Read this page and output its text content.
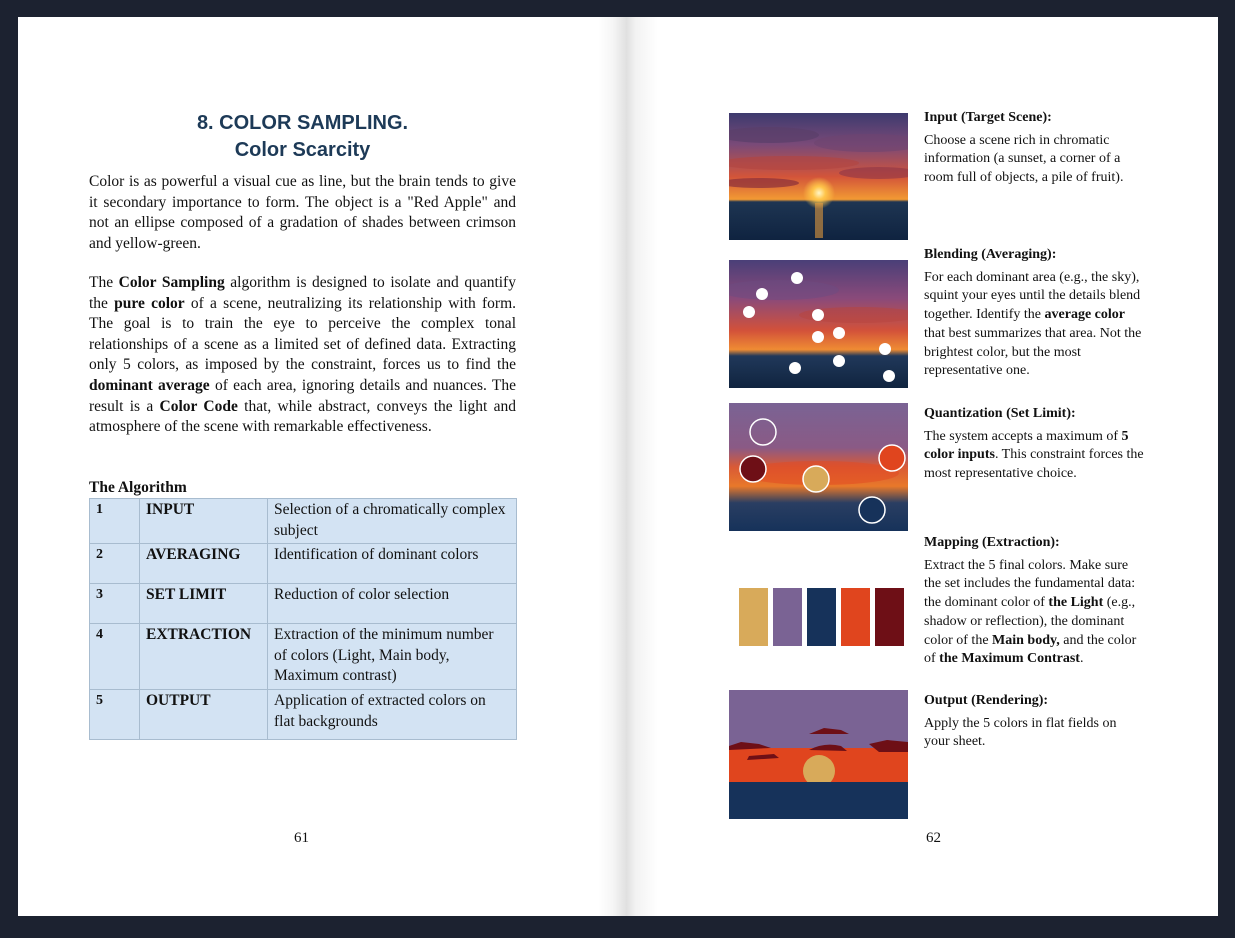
8. COLOR SAMPLING.
Color Scarcity

Color is as powerful a visual cue as line, but the brain tends to give it secondary importance to form. The object is a "Red Apple" and not an ellipse composed of a gradation of shades between crimson and yellow-green.

The Color Sampling algorithm is designed to isolate and quantify the pure color of a scene, neutralizing its relationship with form. The goal is to train the eye to perceive the complex tonal relationships of a scene as a limited set of defined data. Extracting only 5 colors, as imposed by the constraint, forces us to find the dominant average of each area, ignoring details and nuances. The result is a Color Code that, while abstract, conveys the light and atmosphere of the scene with remarkable effectiveness.

The Algorithm
1	INPUT	Selection of a chromatically complex subject
2	AVERAGING	Identification of dominant colors
3	SET LIMIT	Reduction of color selection
4	EXTRACTION	Extraction of the minimum number of colors (Light, Main body, Maximum contrast)
5	OUTPUT	Application of extracted colors on flat backgrounds
61
Input (Target Scene):

Choose a scene rich in chromatic information (a sunset, a corner of a room full of objects, a pile of fruit).

Blending (Averaging):

For each dominant area (e.g., the sky), squint your eyes until the details blend together. Identify the average color that best summarizes that area. Not the brightest color, but the most representative one.

Quantization (Set Limit):

The system accepts a maximum of 5 color inputs. This constraint forces the most representative choice.

Mapping (Extraction):

Extract the 5 final colors. Make sure the set includes the fundamental data: the dominant color of the Light (e.g., shadow or reflection), the dominant color of the Main body, and the color of the Maximum Contrast.

Output (Rendering):

Apply the 5 colors in flat fields on your sheet.

62
